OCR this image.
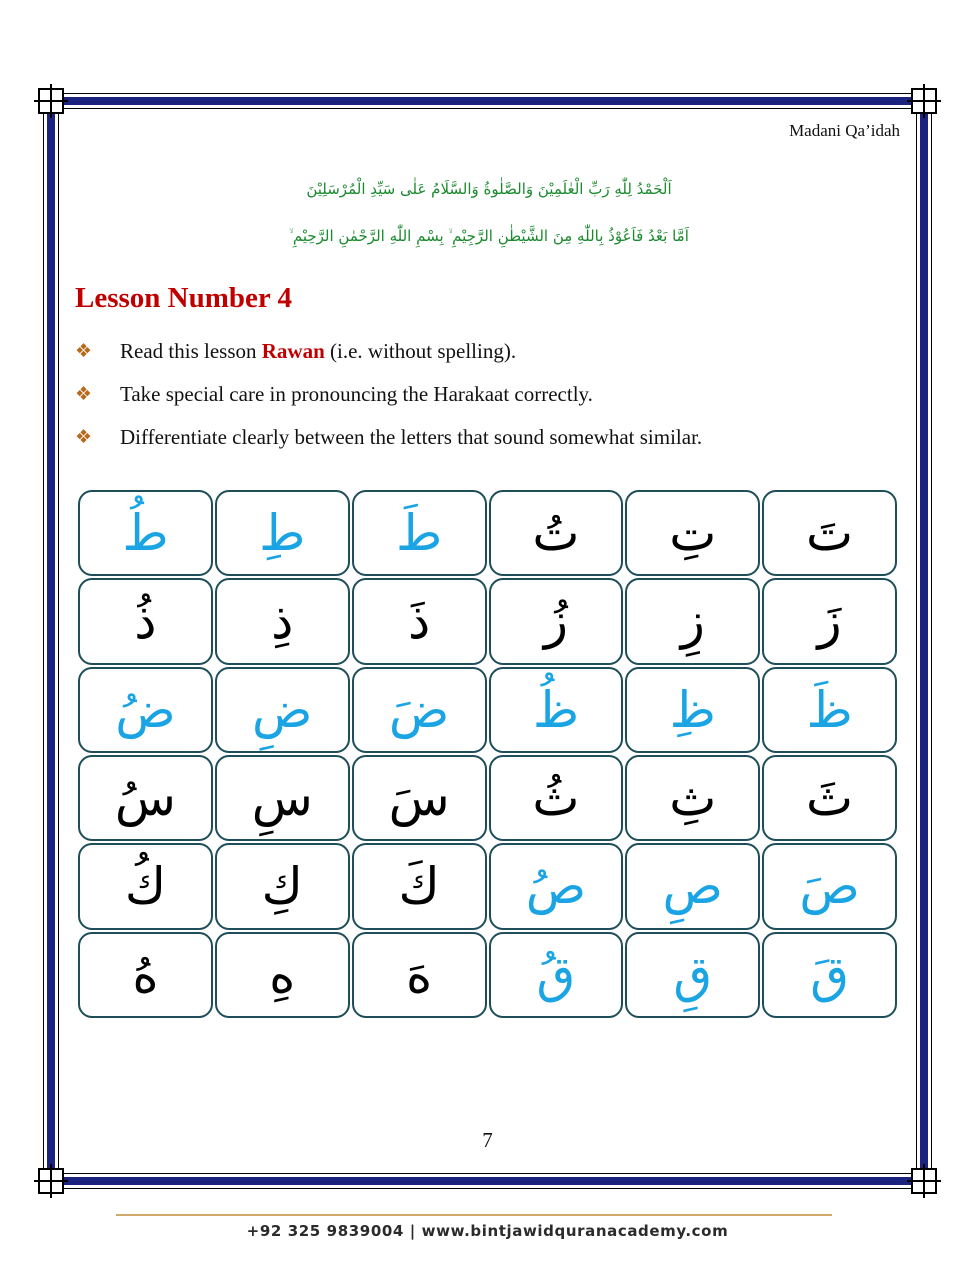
Madani Qa’idah
اَلْحَمْدُ لِلّٰهِ رَبِّ الْعٰلَمِيْنَ وَالصَّلٰوةُ وَالسَّلَامُ عَلٰى سَيِّدِ الْمُرْسَلِيْنَ
اَمَّا بَعْدُ فَاَعُوْذُ بِاللّٰهِ مِنَ الشَّيْطٰنِ الرَّجِيْمِ ۙ بِسْمِ اللّٰهِ الرَّحْمٰنِ الرَّحِيْمِ ۙ
Lesson Number 4
❖ Read this lesson Rawan (i.e. without spelling).
❖ Take special care in pronouncing the Harakaat correctly.
❖ Differentiate clearly between the letters that sound somewhat similar.
تَ
تِ
تُ
طَ
طِ
طُ
زَ
زِ
زُ
ذَ
ذِ
ذُ
ظَ
ظِ
ظُ
ضَ
ضِ
ضُ
ثَ
ثِ
ثُ
سَ
سِ
سُ
صَ
صِ
صُ
كَ
كِ
كُ
قَ
قِ
قُ
هَ
هِ
هُ
7
+92 325 9839004 | www.bintjawidquranacademy.com
